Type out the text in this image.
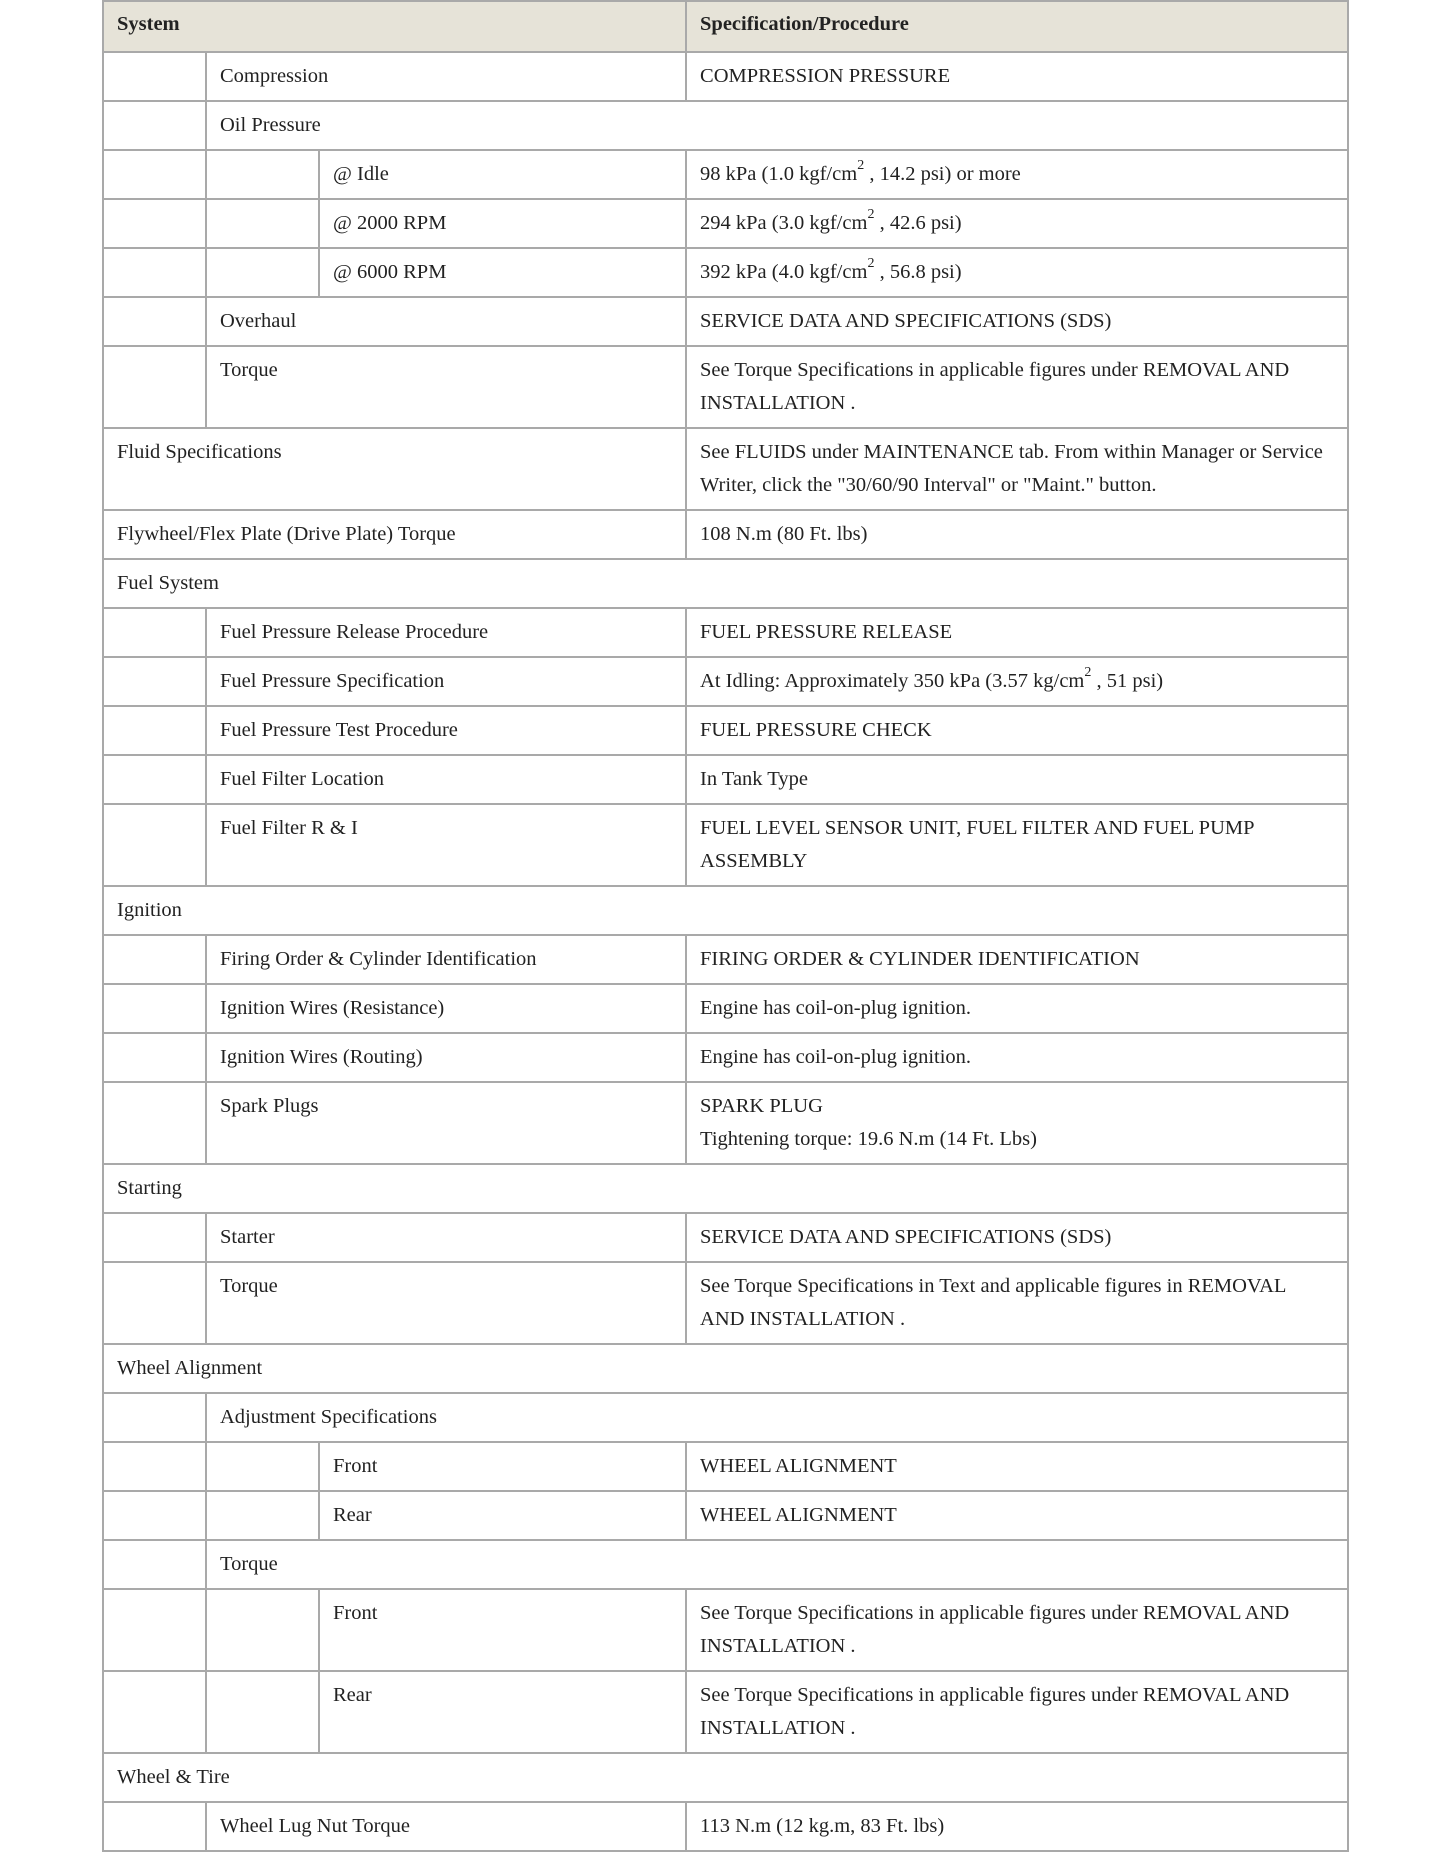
System			Specification/Procedure
	Compression		COMPRESSION PRESSURE
	Oil Pressure		
		@ Idle	98 kPa (1.0 kgf/$cm^2$ , 14.2 psi) or more
		@ 2000 RPM	294 kPa (3.0 kgf/$cm^2$ , 42.6 psi)
		@ 6000 RPM	392 kPa (4.0 kgf/$cm^2$ , 56.8 psi)
	Overhaul		SERVICE DATA AND SPECIFICATIONS (SDS)
	Torque		See Torque Specifications in applicable figures under REMOVAL AND INSTALLATION .
Fluid Specifications			See FLUIDS under MAINTENANCE tab. From within Manager or Service Writer, click the "30/60/90 Interval" or "Maint." button.
Flywheel/Flex Plate (Drive Plate) Torque			108 N.m (80 Ft. lbs)
Fuel System			
	Fuel Pressure Release Procedure		FUEL PRESSURE RELEASE
	Fuel Pressure Specification		At Idling: Approximately 350 kPa (3.57 $kg/cm^2$ , 51 psi)
	Fuel Pressure Test Procedure		FUEL PRESSURE CHECK
	Fuel Filter Location		In Tank Type
	Fuel Filter R & I		FUEL LEVEL SENSOR UNIT, FUEL FILTER AND FUEL PUMP ASSEMBLY
Ignition			
	Firing Order & Cylinder Identification		FIRING ORDER & CYLINDER IDENTIFICATION
	Ignition Wires (Resistance)		Engine has coil-on-plug ignition.
	Ignition Wires (Routing)		Engine has coil-on-plug ignition.
	Spark Plugs		SPARK PLUG
Tightening torque: 19.6 N.m (14 Ft. Lbs)

Starting			
	Starter		SERVICE DATA AND SPECIFICATIONS (SDS)
	Torque		See Torque Specifications in Text and applicable figures in REMOVAL AND INSTALLATION .
Wheel Alignment			
	Adjustment Specifications		
		Front	WHEEL ALIGNMENT
		Rear	WHEEL ALIGNMENT
	Torque		
		Front	See Torque Specifications in applicable figures under REMOVAL AND INSTALLATION .
		Rear	See Torque Specifications in applicable figures under REMOVAL AND INSTALLATION .
Wheel & Tire			
	Wheel Lug Nut Torque		113 N.m (12 kg.m, 83 Ft. lbs)
